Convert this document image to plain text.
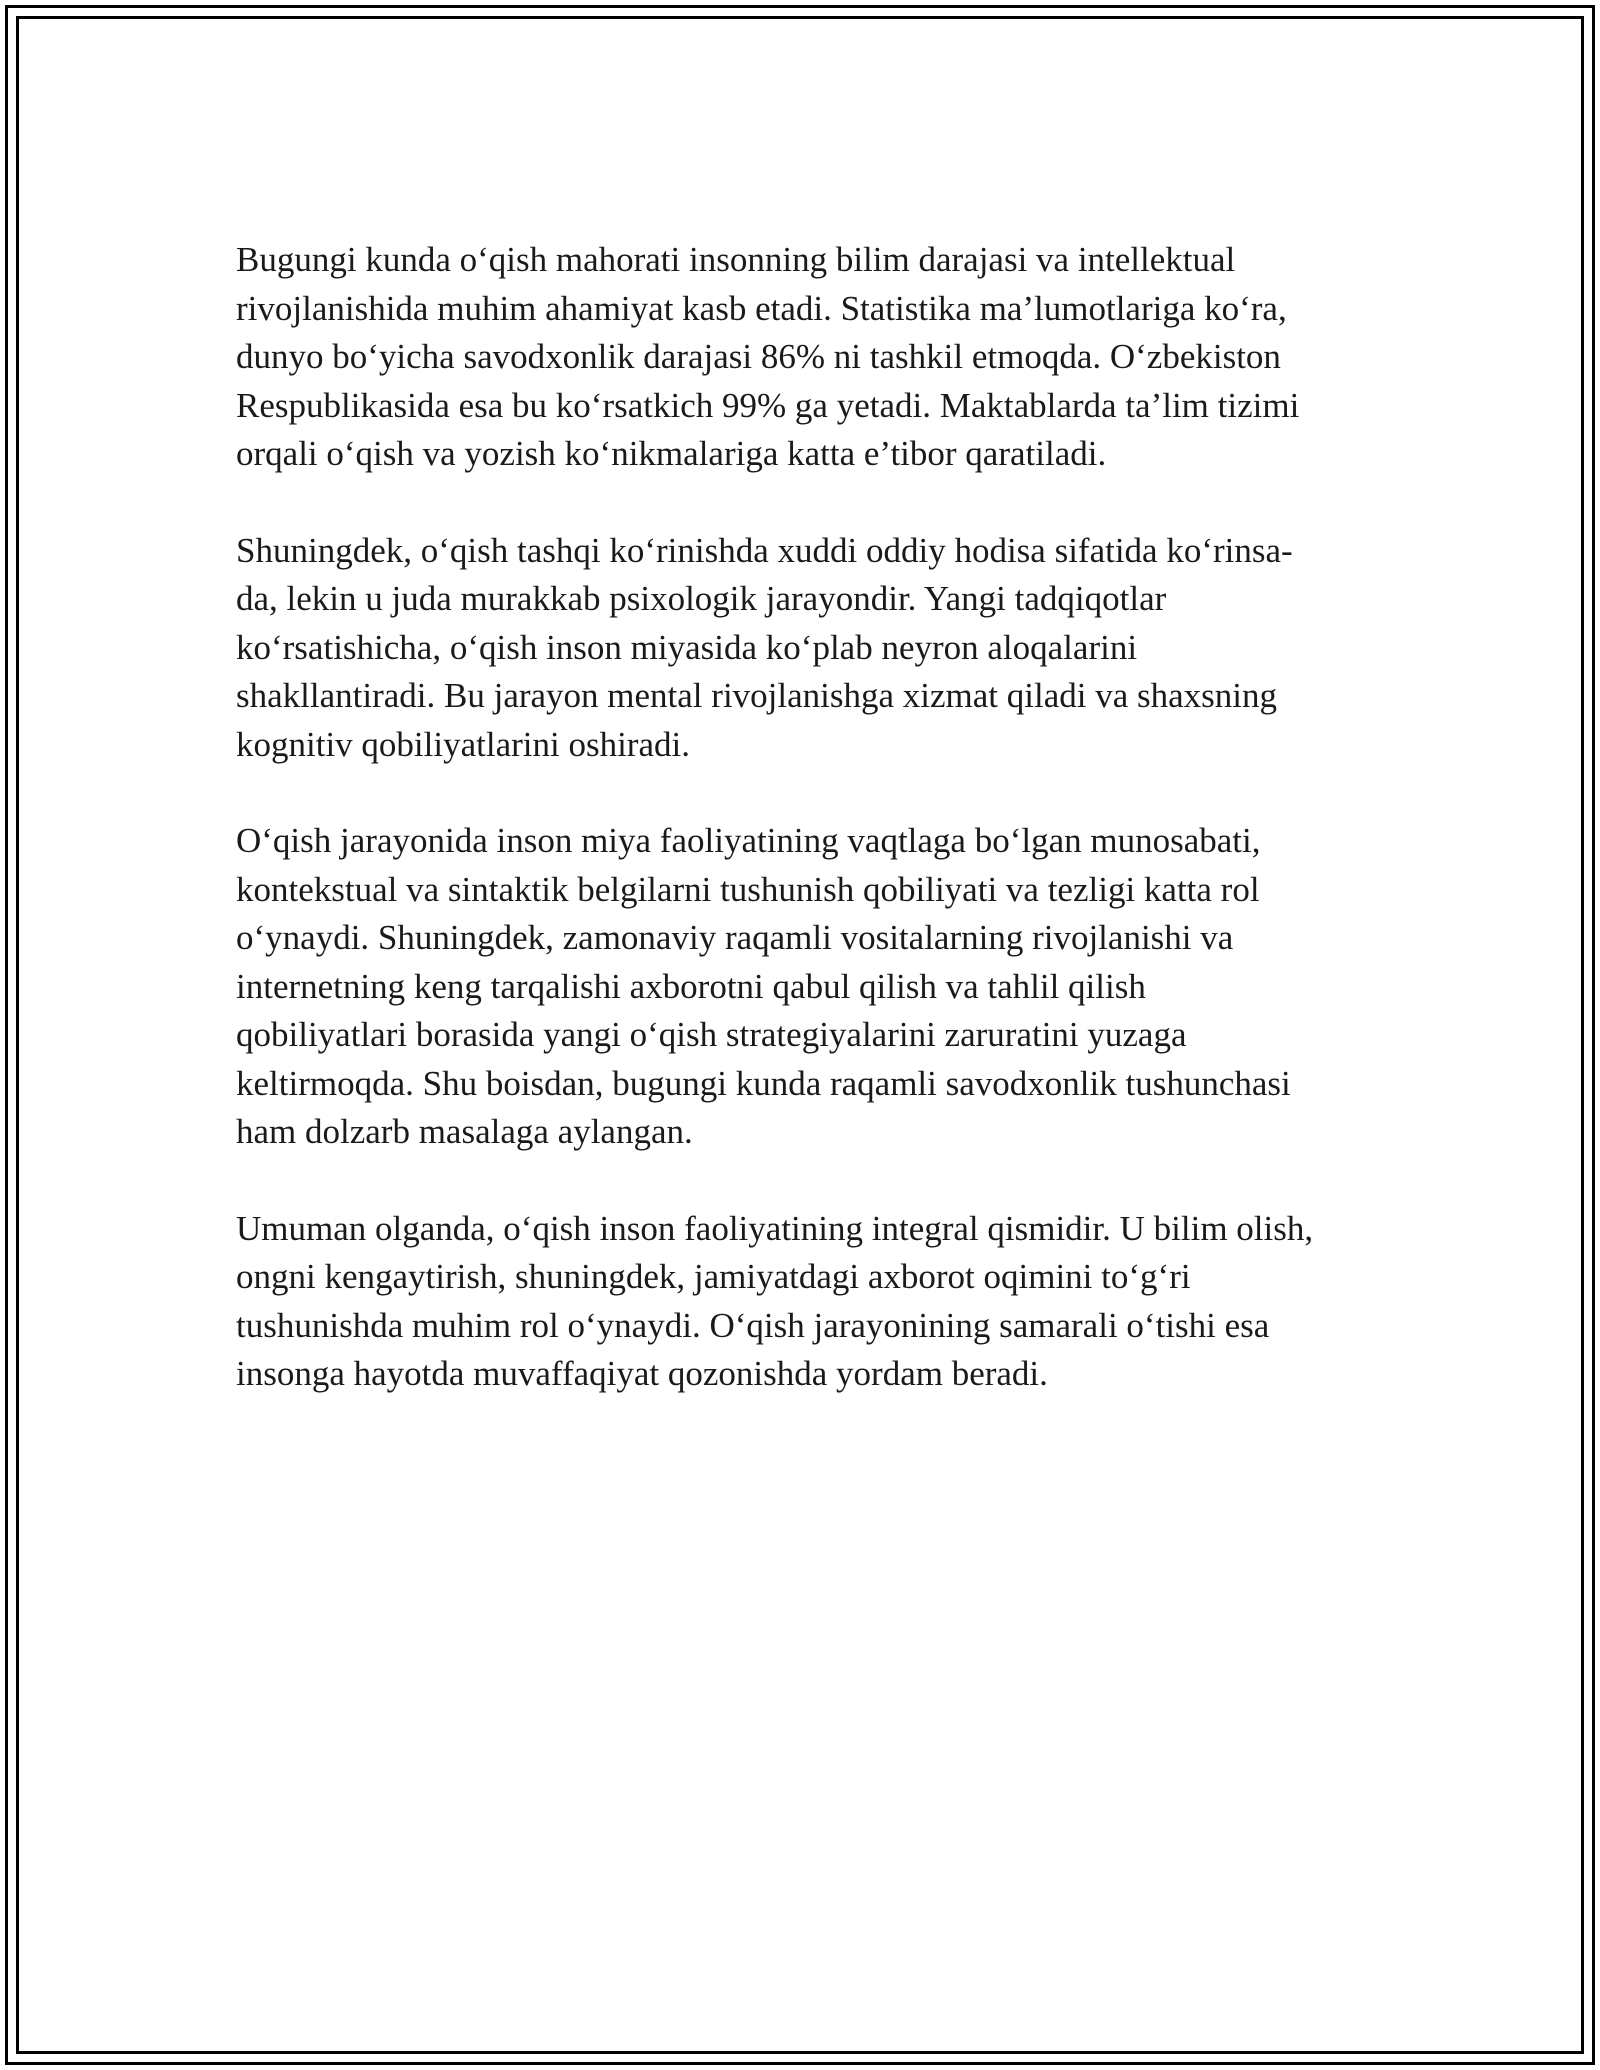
Bugungi kunda o‘qish mahorati insonning bilim darajasi va intellektual
rivojlanishida muhim ahamiyat kasb etadi. Statistika ma’lumotlariga ko‘ra,
dunyo bo‘yicha savodxonlik darajasi 86% ni tashkil etmoqda. O‘zbekiston
Respublikasida esa bu ko‘rsatkich 99% ga yetadi. Maktablarda ta’lim tizimi
orqali o‘qish va yozish ko‘nikmalariga katta e’tibor qaratiladi.

Shuningdek, o‘qish tashqi ko‘rinishda xuddi oddiy hodisa sifatida ko‘rinsa-
da, lekin u juda murakkab psixologik jarayondir. Yangi tadqiqotlar
ko‘rsatishicha, o‘qish inson miyasida ko‘plab neyron aloqalarini
shakllantiradi. Bu jarayon mental rivojlanishga xizmat qiladi va shaxsning
kognitiv qobiliyatlarini oshiradi.

O‘qish jarayonida inson miya faoliyatining vaqtlaga bo‘lgan munosabati,
kontekstual va sintaktik belgilarni tushunish qobiliyati va tezligi katta rol
o‘ynaydi. Shuningdek, zamonaviy raqamli vositalarning rivojlanishi va
internetning keng tarqalishi axborotni qabul qilish va tahlil qilish
qobiliyatlari borasida yangi o‘qish strategiyalarini zaruratini yuzaga
keltirmoqda. Shu boisdan, bugungi kunda raqamli savodxonlik tushunchasi
ham dolzarb masalaga aylangan.

Umuman olganda, o‘qish inson faoliyatining integral qismidir. U bilim olish,
ongni kengaytirish, shuningdek, jamiyatdagi axborot oqimini to‘g‘ri
tushunishda muhim rol o‘ynaydi. O‘qish jarayonining samarali o‘tishi esa
insonga hayotda muvaffaqiyat qozonishda yordam beradi.
